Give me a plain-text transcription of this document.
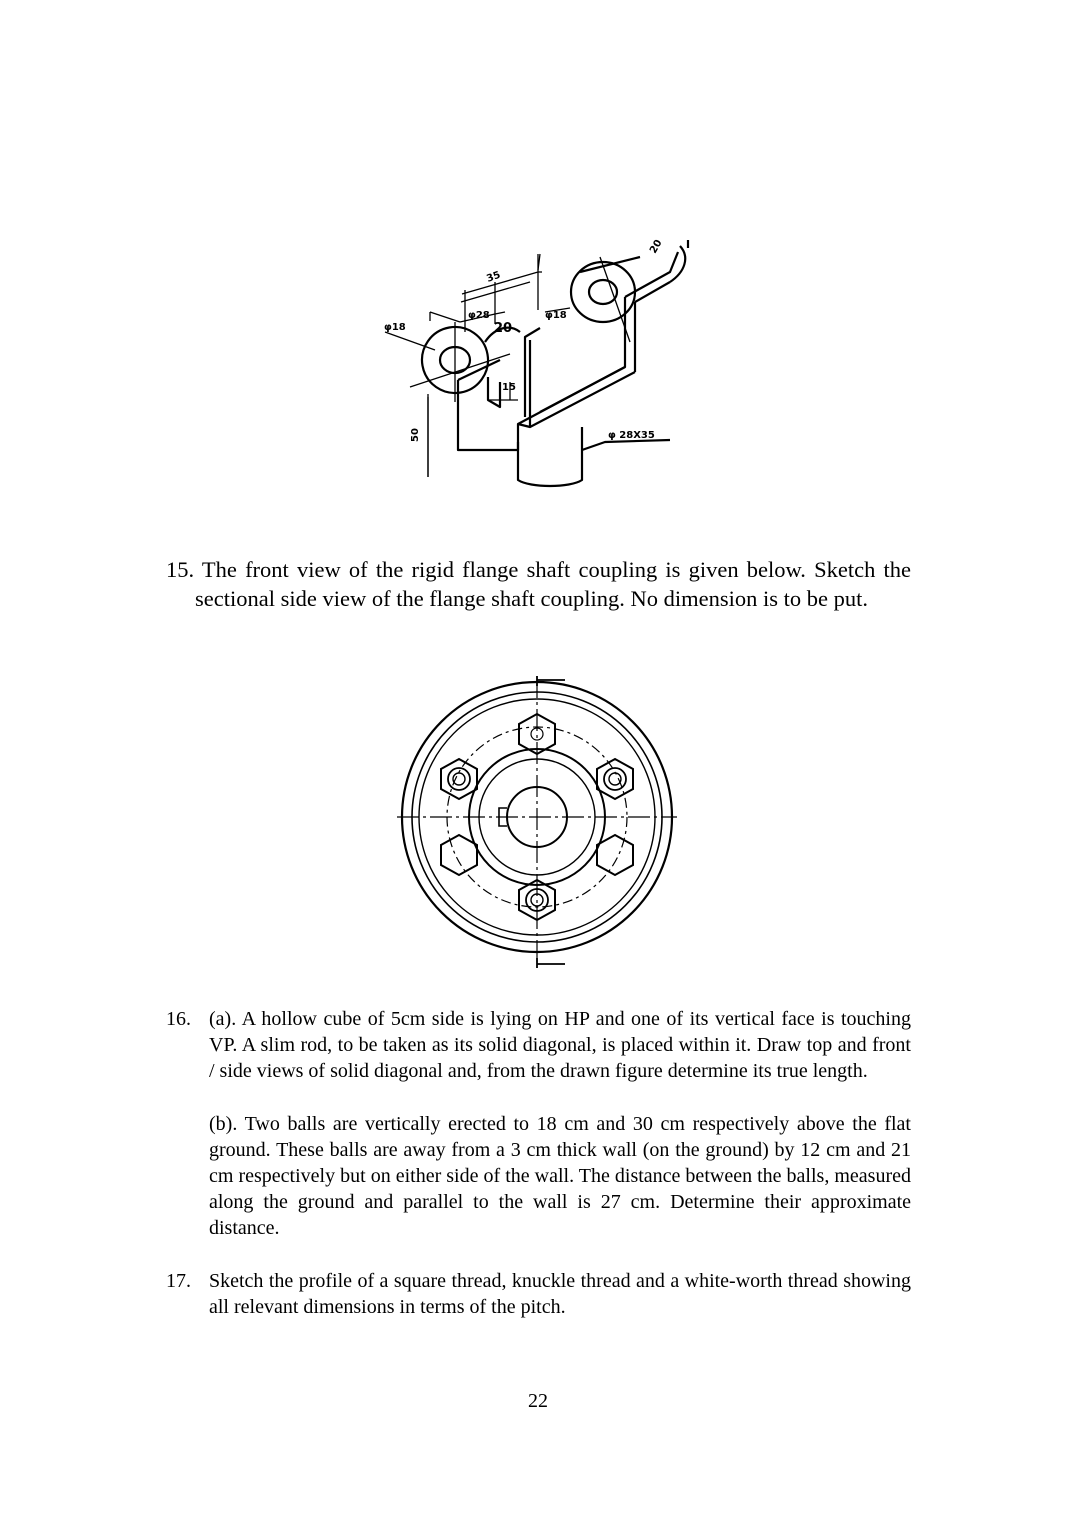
φ18
φ28
35
φ18
20
20
15
50	φ 28X35
15. The front view of the rigid flange shaft coupling is given below. Sketch the sectional side view of the flange shaft coupling. No dimension is to be put.
16. (a). A hollow cube of 5cm side is lying on HP and one of its vertical face is touching VP. A slim rod, to be taken as its solid diagonal, is placed within it. Draw top and front / side views of solid diagonal and, from the drawn figure determine its true length.
(b). Two balls are vertically erected to 18 cm and 30 cm respectively above the flat ground. These balls are away from a 3 cm thick wall (on the ground) by 12 cm and 21 cm respectively but on either side of the wall. The distance between the balls, measured along the ground and parallel to the wall is 27 cm. Determine their approximate distance.
17. Sketch the profile of a square thread, knuckle thread and a white-worth thread showing all relevant dimensions in terms of the pitch.
22
